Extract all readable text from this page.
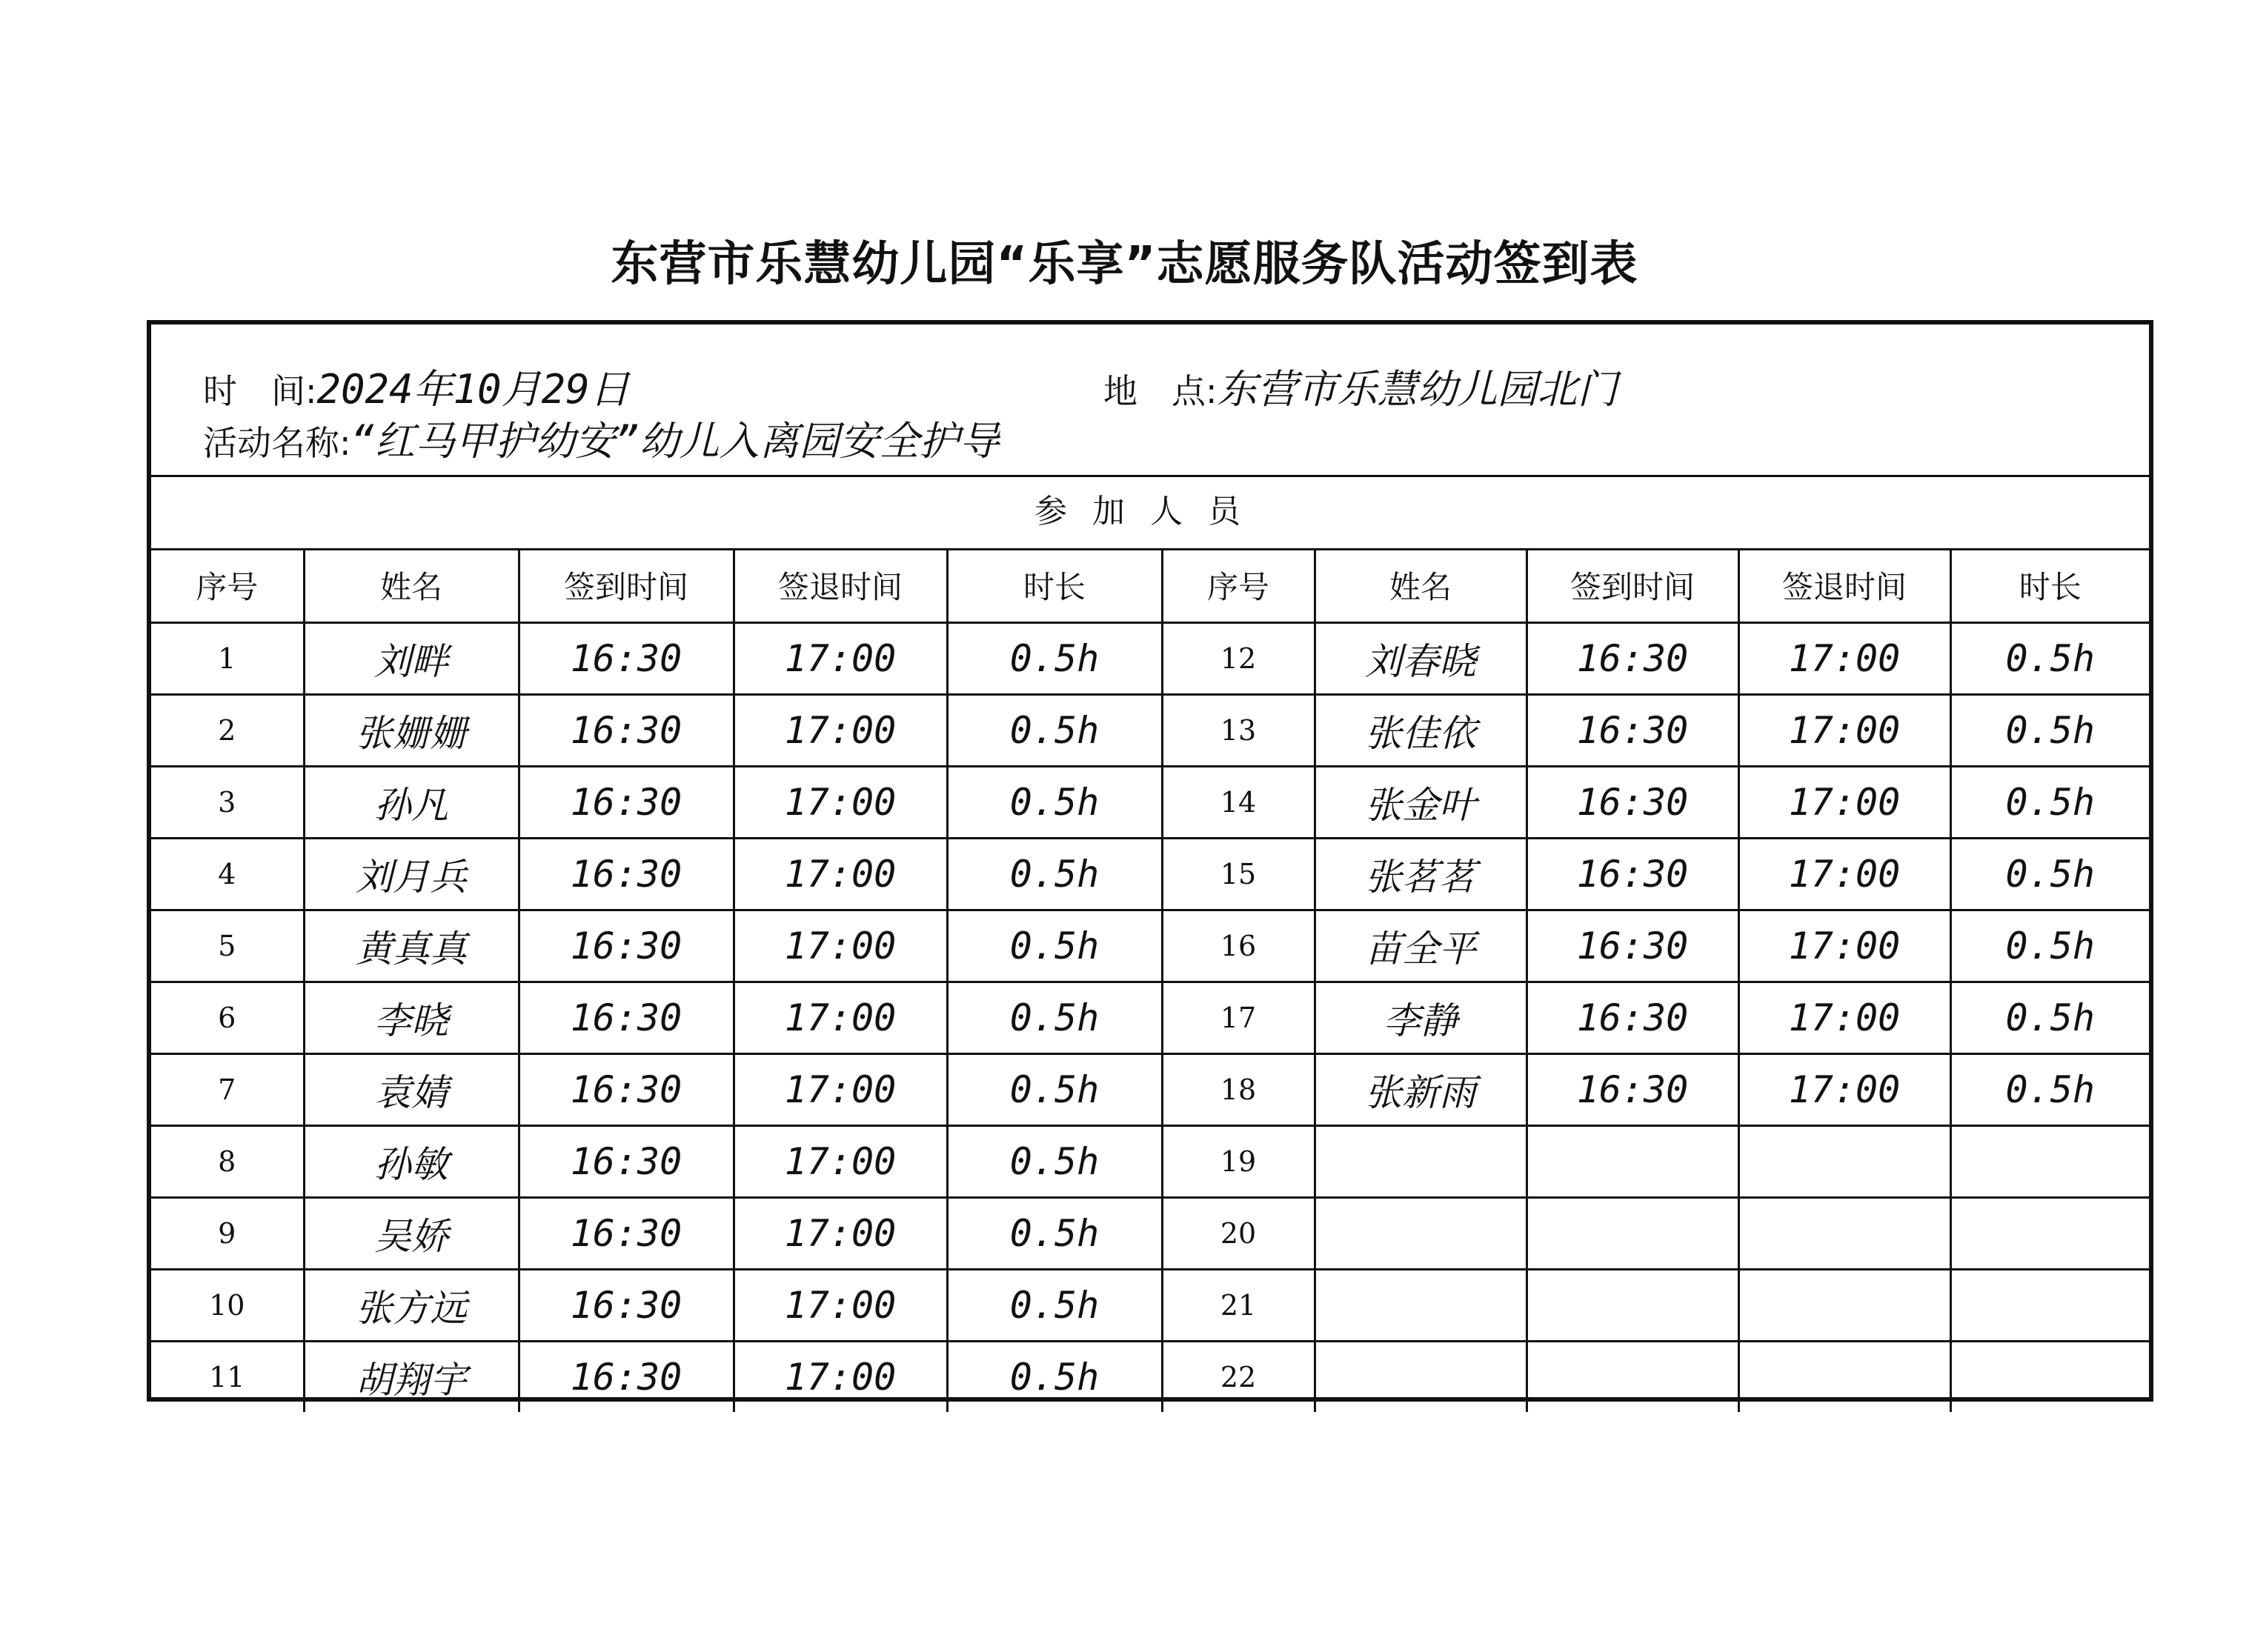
东营市乐慧幼儿园“乐享”志愿服务队活动签到表
时　间:2024年10月29日	地　点:东营市乐慧幼儿园北门
活动名称:“红马甲护幼安”幼儿入离园安全护导
参加人员
序号	姓名	签到时间	签退时间	时长	序号	姓名	签到时间	签退时间	时长
1	刘畔	16:30	17:00	0.5h	12	刘春晓	16:30	17:00	0.5h
2	张姗姗	16:30	17:00	0.5h	13	张佳依	16:30	17:00	0.5h
3	孙凡	16:30	17:00	0.5h	14	张金叶	16:30	17:00	0.5h
4	刘月兵	16:30	17:00	0.5h	15	张茗茗	16:30	17:00	0.5h
5	黄真真	16:30	17:00	0.5h	16	苗全平	16:30	17:00	0.5h
6	李晓	16:30	17:00	0.5h	17	李静	16:30	17:00	0.5h
7	袁婧	16:30	17:00	0.5h	18	张新雨	16:30	17:00	0.5h
8	孙敏	16:30	17:00	0.5h	19				
9	吴娇	16:30	17:00	0.5h	20				
10	张方远	16:30	17:00	0.5h	21				
11	胡翔宇	16:30	17:00	0.5h	22				
